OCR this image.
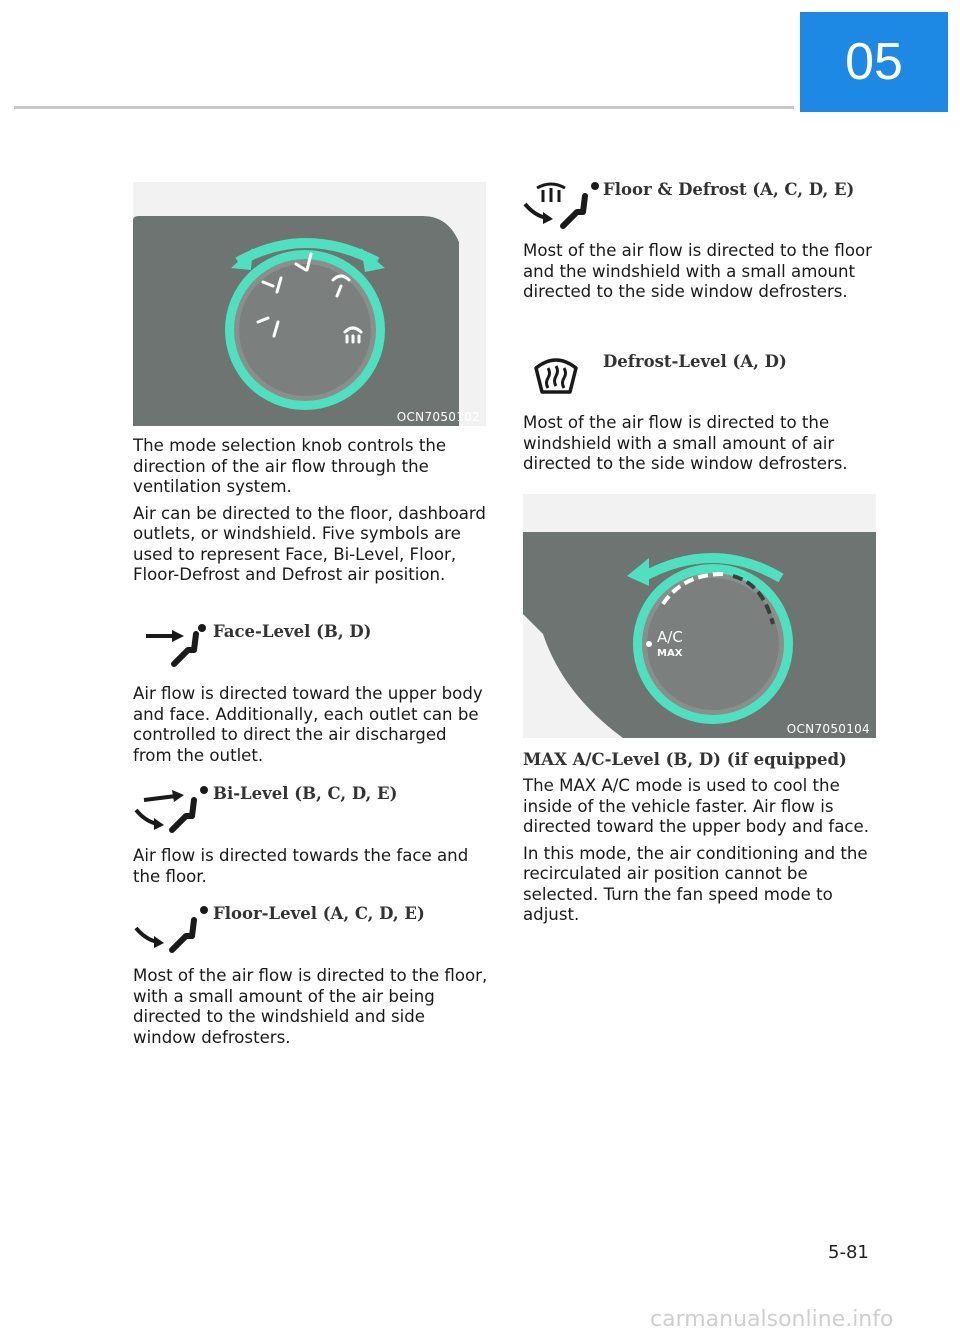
05
OCN7050102

The mode selection knob controls the direction of the air flow through the ventilation system.

Air can be directed to the floor, dashboard outlets, or windshield. Five symbols are used to represent Face, Bi-Level, Floor, Floor-Defrost and Defrost air position.

Face-Level (B, D)

Air flow is directed toward the upper body and face. Additionally, each outlet can be controlled to direct the air discharged from the outlet.

Bi-Level (B, C, D, E)

Air flow is directed towards the face and the floor.

Floor-Level (A, C, D, E)

Most of the air flow is directed to the floor, with a small amount of the air being directed to the windshield and side window defrosters.

Floor & Defrost (A, C, D, E)

Most of the air flow is directed to the floor and the windshield with a small amount directed to the side window defrosters.

Defrost-Level (A, D)

Most of the air flow is directed to the windshield with a small amount of air directed to the side window defrosters.

A/C
MAX
OCN7050104
MAX A/C-Level (B, D) (if equipped)

The MAX A/C mode is used to cool the inside of the vehicle faster. Air flow is directed toward the upper body and face.

In this mode, the air conditioning and the recirculated air position cannot be selected. Turn the fan speed mode to adjust.

5-81
carmanualsonline.info
